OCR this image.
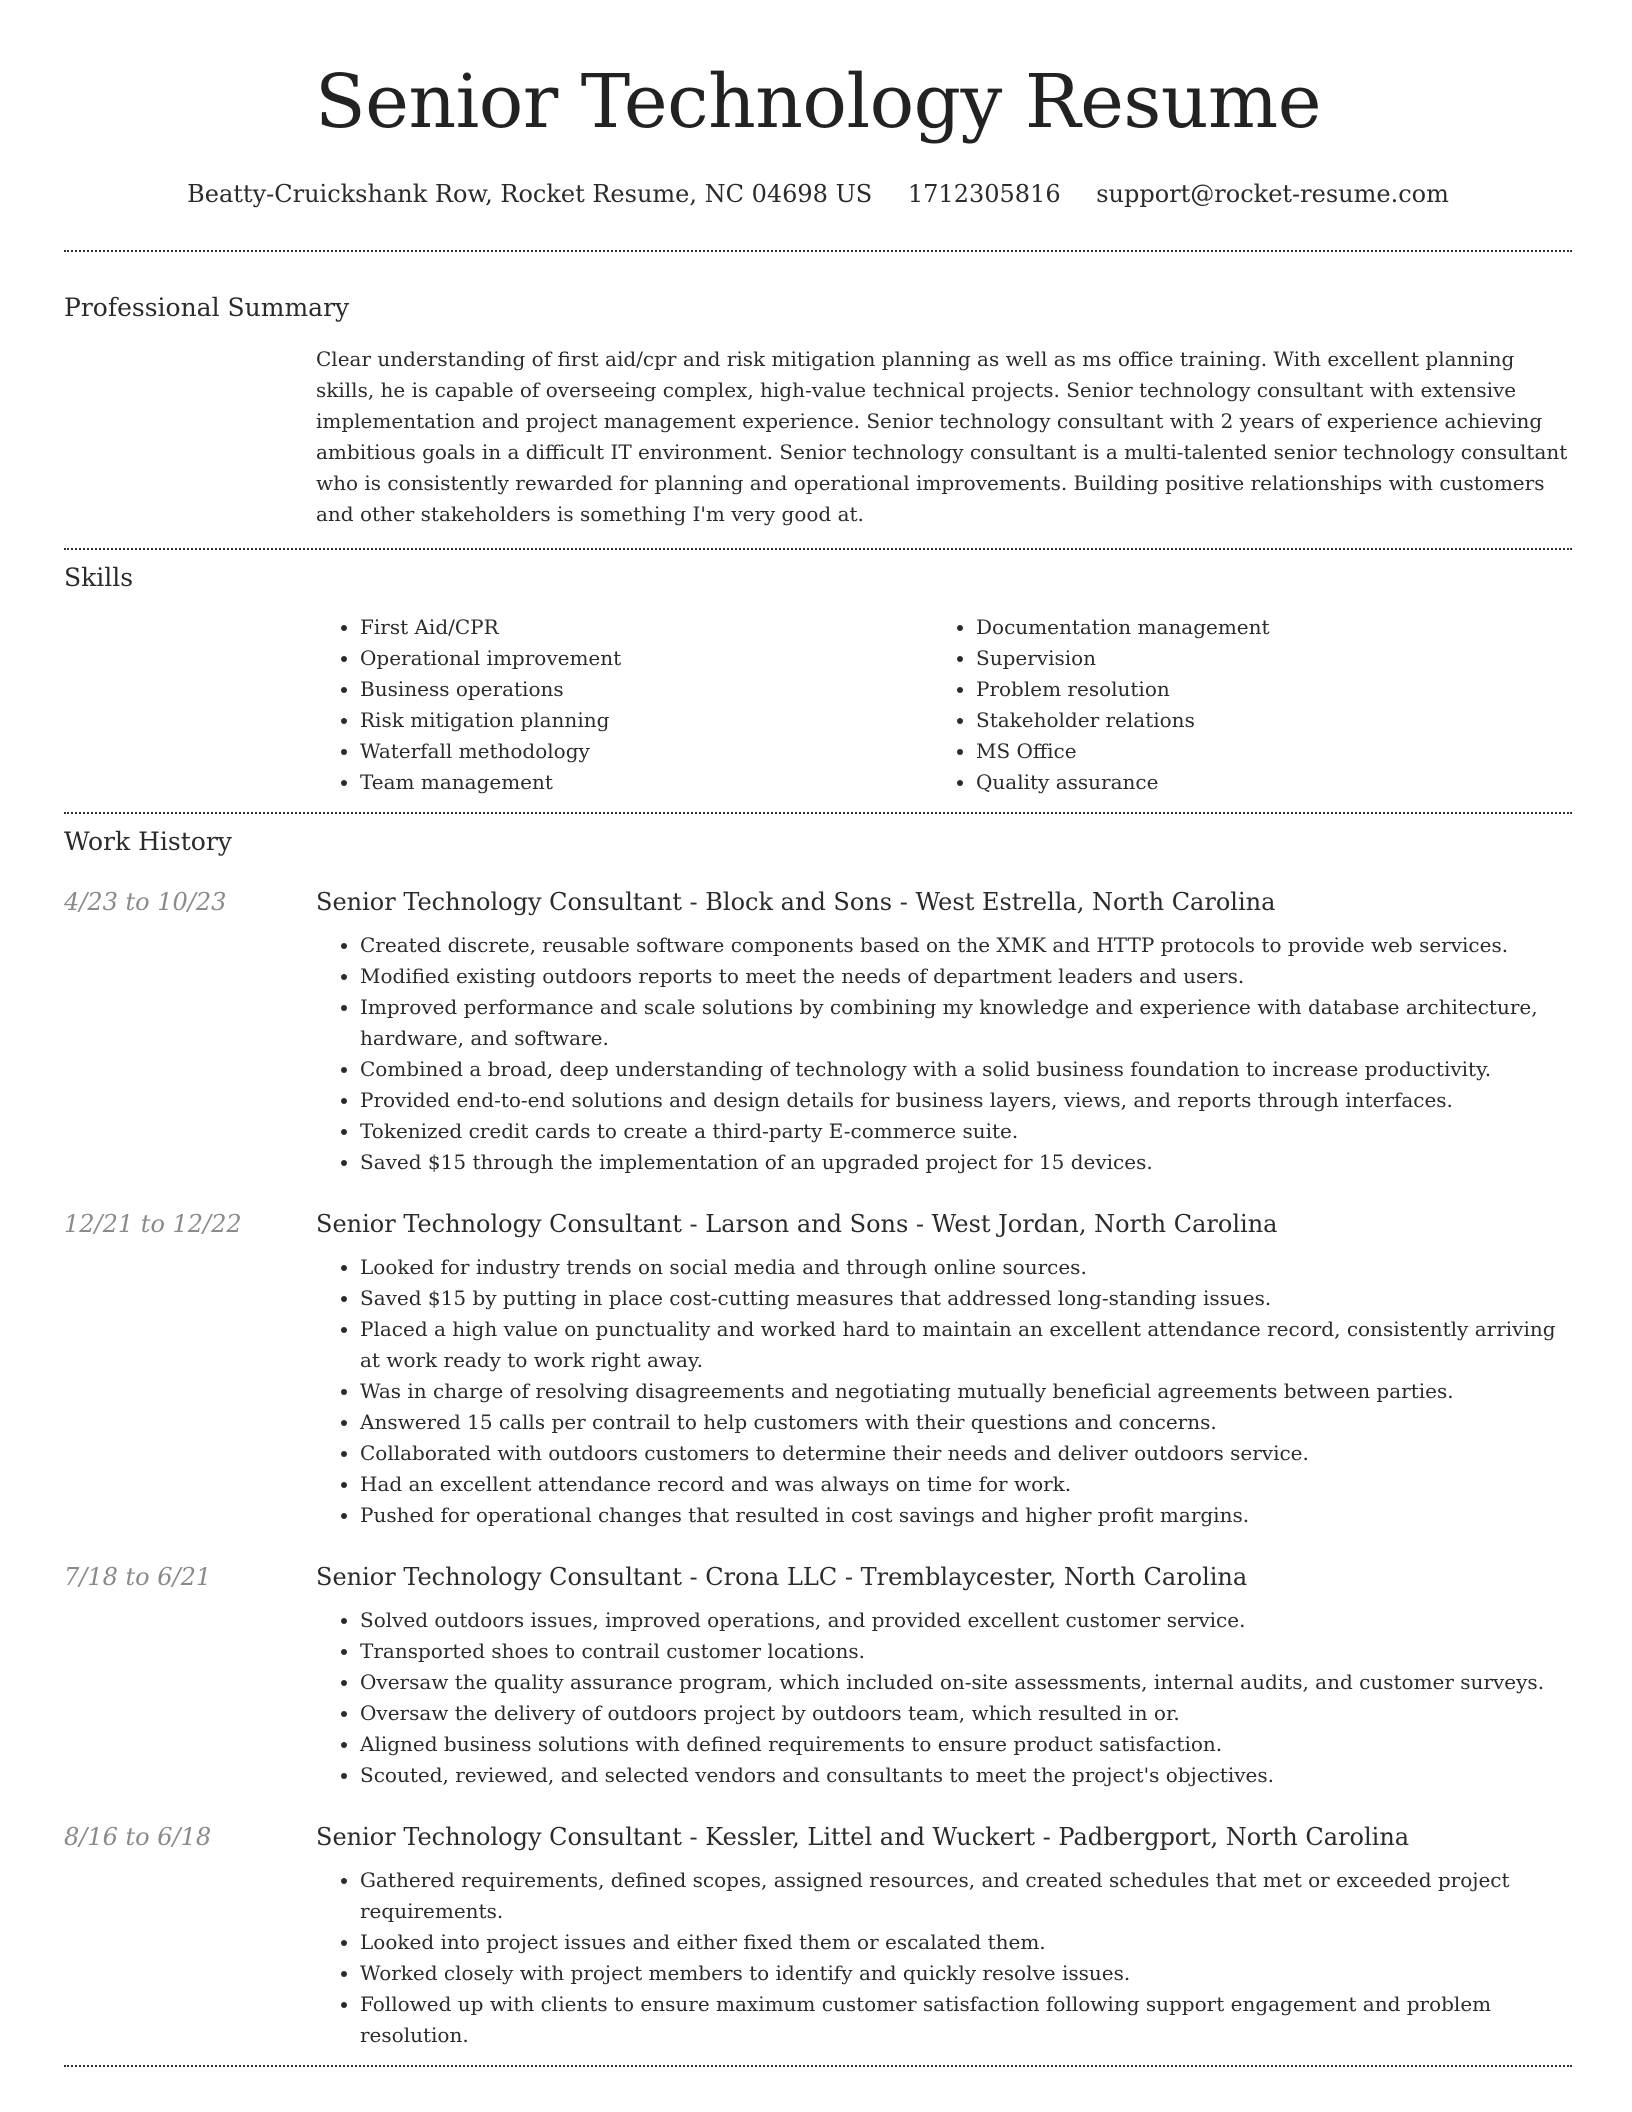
Senior Technology Resume
Beatty-Cruickshank Row, Rocket Resume, NC 04698 US 1712305816 support@rocket-resume.com
Professional Summary

Clear understanding of first aid/cpr and risk mitigation planning as well as ms office training. With excellent planning skills, he is capable of overseeing complex, high-value technical projects. Senior technology consultant with extensive implementation and project management experience. Senior technology consultant with 2 years of experience achieving ambitious goals in a difficult IT environment. Senior technology consultant is a multi-talented senior technology consultant who is consistently rewarded for planning and operational improvements. Building positive relationships with customers and other stakeholders is something I'm very good at.

Skills
• First Aid/CPR
• Operational improvement
• Business operations
• Risk mitigation planning
• Waterfall methodology
• Team management
• Documentation management
• Supervision
• Problem resolution
• Stakeholder relations
• MS Office
• Quality assurance
Work History
4/23 to 10/23	Senior Technology Consultant - Block and Sons - West Estrella, North Carolina
• Created discrete, reusable software components based on the XMK and HTTP protocols to provide web services.
• Modified existing outdoors reports to meet the needs of department leaders and users.
• Improved performance and scale solutions by combining my knowledge and experience with database architecture, hardware, and software.
• Combined a broad, deep understanding of technology with a solid business foundation to increase productivity.
• Provided end-to-end solutions and design details for business layers, views, and reports through interfaces.
• Tokenized credit cards to create a third-party E-commerce suite.
• Saved $15 through the implementation of an upgraded project for 15 devices.
12/21 to 12/22	Senior Technology Consultant - Larson and Sons - West Jordan, North Carolina
• Looked for industry trends on social media and through online sources.
• Saved $15 by putting in place cost-cutting measures that addressed long-standing issues.
• Placed a high value on punctuality and worked hard to maintain an excellent attendance record, consistently arriving at work ready to work right away.
• Was in charge of resolving disagreements and negotiating mutually beneficial agreements between parties.
• Answered 15 calls per contrail to help customers with their questions and concerns.
• Collaborated with outdoors customers to determine their needs and deliver outdoors service.
• Had an excellent attendance record and was always on time for work.
• Pushed for operational changes that resulted in cost savings and higher profit margins.
7/18 to 6/21	Senior Technology Consultant - Crona LLC - Tremblaycester, North Carolina
• Solved outdoors issues, improved operations, and provided excellent customer service.
• Transported shoes to contrail customer locations.
• Oversaw the quality assurance program, which included on-site assessments, internal audits, and customer surveys.
• Oversaw the delivery of outdoors project by outdoors team, which resulted in or.
• Aligned business solutions with defined requirements to ensure product satisfaction.
• Scouted, reviewed, and selected vendors and consultants to meet the project's objectives.
8/16 to 6/18	Senior Technology Consultant - Kessler, Littel and Wuckert - Padbergport, North Carolina
• Gathered requirements, defined scopes, assigned resources, and created schedules that met or exceeded project requirements.
• Looked into project issues and either fixed them or escalated them.
• Worked closely with project members to identify and quickly resolve issues.
• Followed up with clients to ensure maximum customer satisfaction following support engagement and problem resolution.
